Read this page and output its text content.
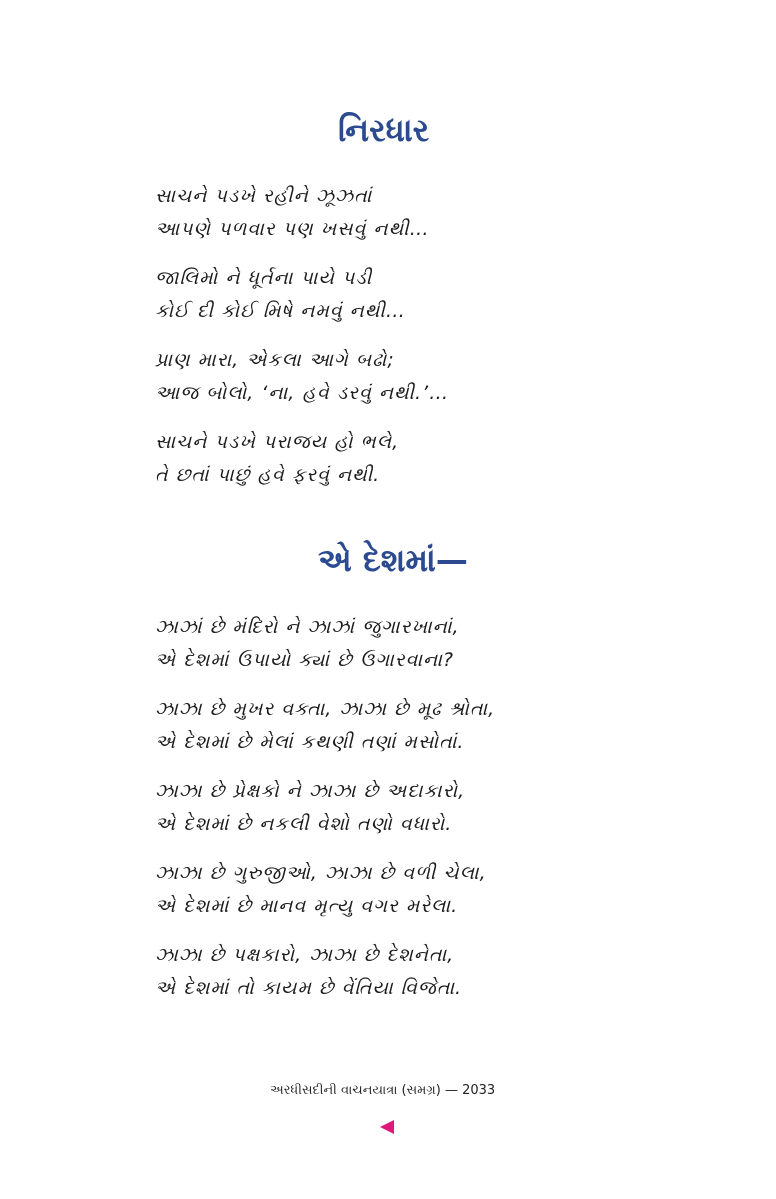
નિરધાર

સાચને પડખે રહીને ઝૂઝતાં
આપણે પળવાર પણ ખસવું નથી…

જાલિમો ને ધૂર્તના પાયે પડી
કોઈ દી કોઈ મિષે નમવું નથી…

પ્રાણ મારા, એકલા આગે બઢો;
આજ બોલો, ‘ના, હવે ડરવું નથી.’…

સાચને પડખે પરાજય હો ભલે,
તે છતાં પાછું હવે ફરવું નથી.

એ દેશમાં—

ઝાઝાં છે મંદિરો ને ઝાઝાં જુગારખાનાં,
એ દેશમાં ઉપાયો ક્યાં છે ઉગારવાના?

ઝાઝા છે મુખર વક્તા, ઝાઝા છે મૂઢ શ્રોતા,
એ દેશમાં છે મેલાં કથણી તણાં મસોતાં.

ઝાઝા છે પ્રેક્ષકો ને ઝાઝા છે અદાકારો,
એ દેશમાં છે નકલી વેશો તણો વધારો.

ઝાઝા છે ગુરુજીઓ, ઝાઝા છે વળી ચેલા,
એ દેશમાં છે માનવ મૃત્યુ વગર મરેલા.

ઝાઝા છે પક્ષકારો, ઝાઝા છે દેશનેતા,
એ દેશમાં તો કાયમ છે વેંતિયા વિજેતા.

અરધીસદીની વાચનયાત્રા (સમગ્ર) — 2033
